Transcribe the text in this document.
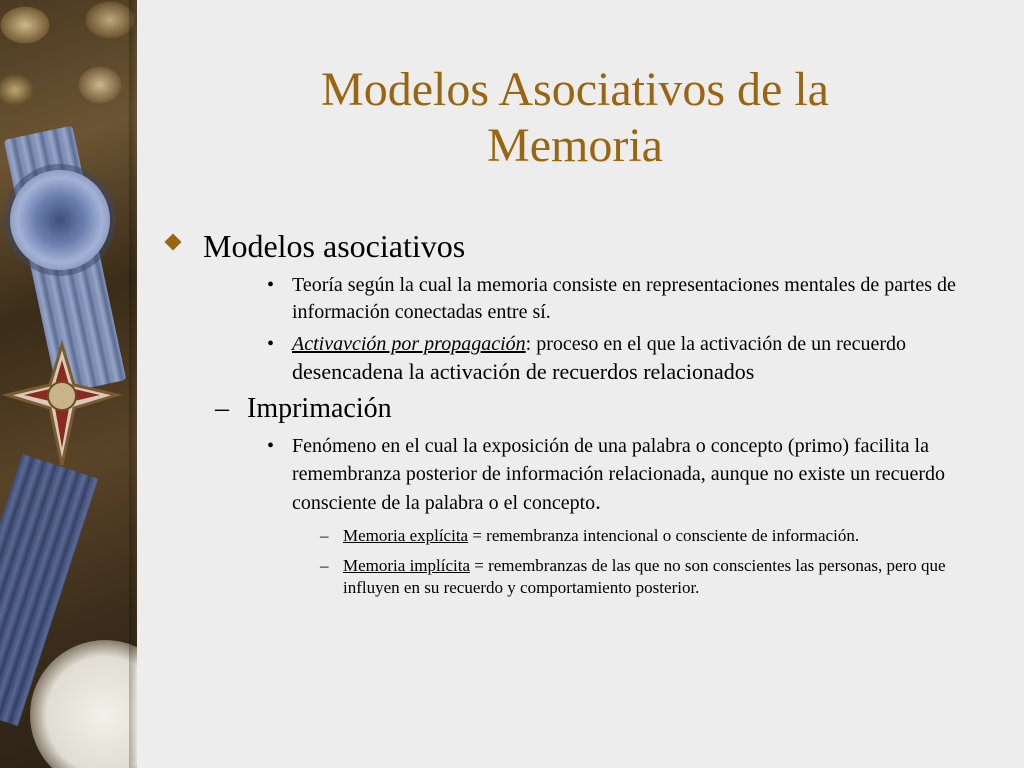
Modelos Asociativos de la
Memoria
Modelos asociativos
• Teoría según la cual la memoria consiste en representaciones mentales de partes de información conectadas entre sí.
• Activavción por propagación: proceso en el que la activación de un recuerdo desencadena la activación de recuerdos relacionados
– Imprimación
• Fenómeno en el cual la exposición de una palabra o concepto (primo) facilita la remembranza posterior de información relacionada, aunque no existe un recuerdo consciente de la palabra o el concepto.
– Memoria explícita = remembranza intencional o consciente de información.
– Memoria implícita = remembranzas de las que no son conscientes las personas, pero que influyen en su recuerdo y comportamiento posterior.
